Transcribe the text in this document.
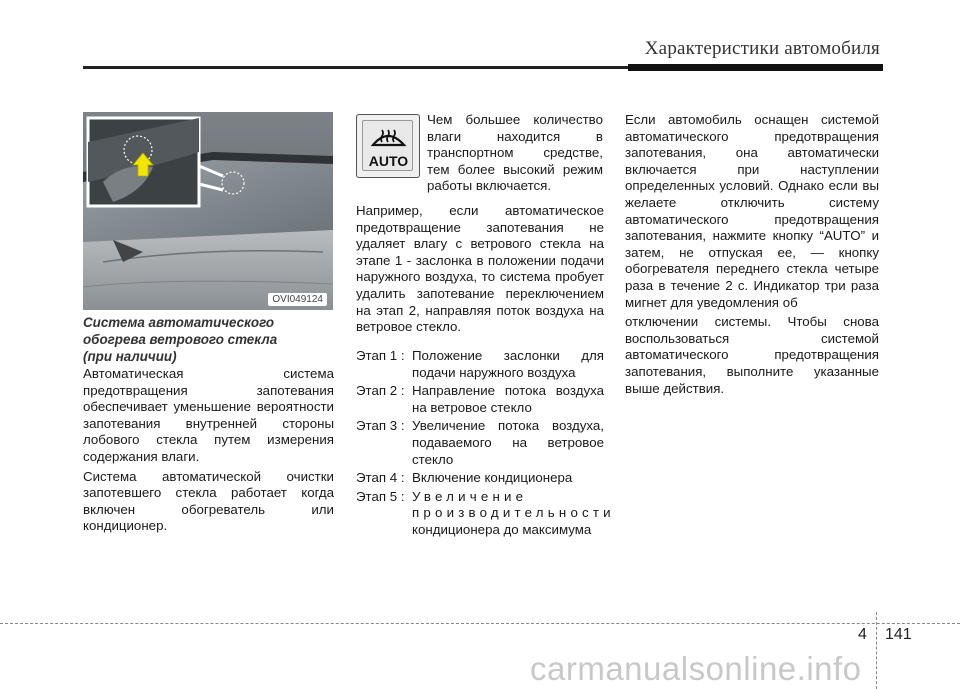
Характеристики автомобиля
OVI049124
Система автоматического
обогрева ветрового стекла
(при наличии)

Автоматическая система предотвращения запотевания обеспечивает уменьшение вероятности запотевания внутренней стороны лобового стекла путем измерения содержания влаги.

Система автоматической очистки запотевшего стекла работает когда включен обогреватель или кондиционер.

AUTO

Чем большее количество влаги находится в транспортном средстве, тем более высокий режим работы включается.

Например, если автоматическое предотвращение запотевания не удаляет влагу с ветрового стекла на этапе 1 - заслонка в положении подачи наружного воздуха, то система пробует удалить запотевание переключением на этап 2, направляя поток воздуха на ветровое стекло.

Этап 1 : Положение заслонки для подачи наружного воздуха
Этап 2 : Направление потока воздуха на ветровое стекло
Этап 3 : Увеличение потока воздуха, подаваемого на ветровое стекло
Этап 4 : Включение кондиционера
Этап 5 : Увеличение производительности
кондиционера до максимума

Если автомобиль оснащен системой автоматического предотвращения запотевания, она автоматически включается при наступлении определенных условий. Однако если вы желаете отключить систему автоматического предотвращения запотевания, нажмите кнопку “AUTO” и затем, не отпуская ее, — кнопку обогревателя переднего стекла четыре раза в течение 2 с. Индикатор три раза мигнет для уведомления об

отключении системы. Чтобы снова воспользоваться системой автоматического предотвращения запотевания, выполните указанные выше действия.

4 141
carmanualsonline.info
